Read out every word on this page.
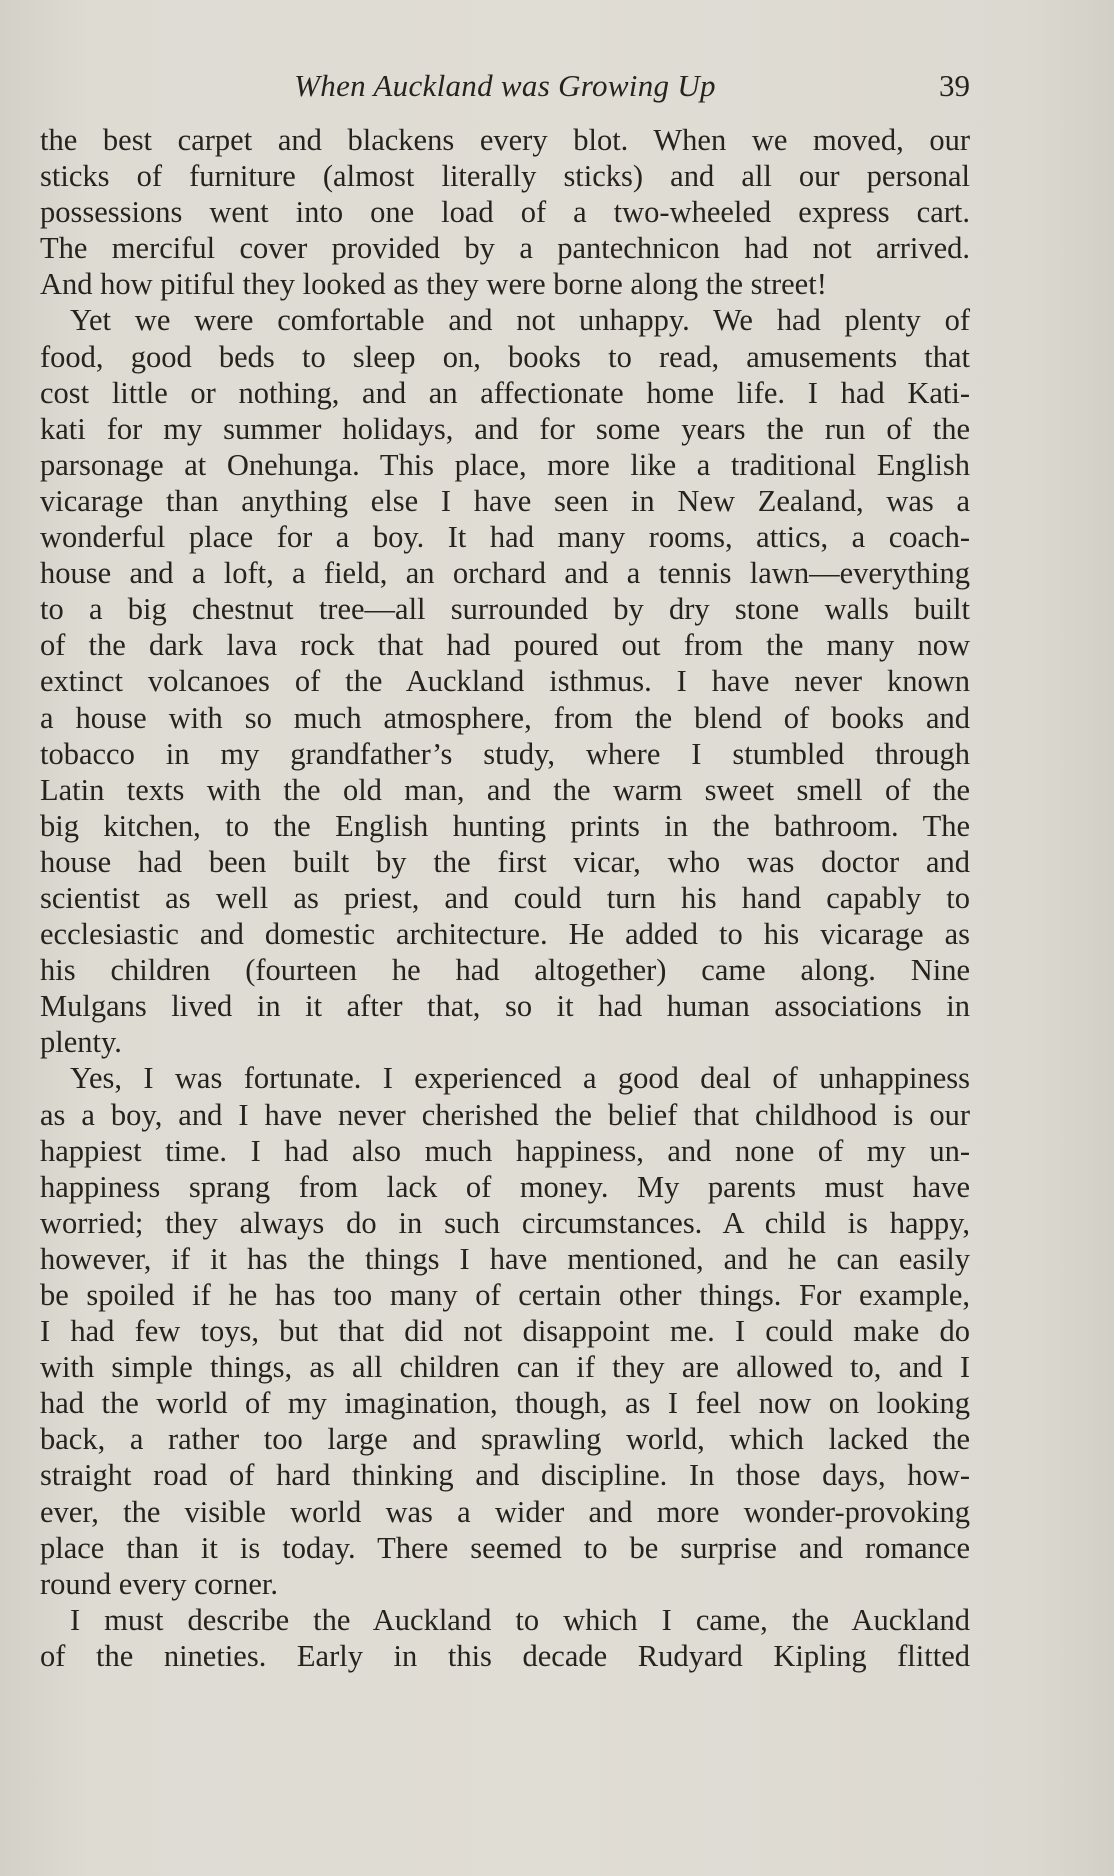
When Auckland was Growing Up	39
the best carpet and blackens every blot. When we moved, our
sticks of furniture (almost literally sticks) and all our personal
possessions went into one load of a two-wheeled express cart.
The merciful cover provided by a pantechnicon had not arrived.
And how pitiful they looked as they were borne along the street!
Yet we were comfortable and not unhappy. We had plenty of
food, good beds to sleep on, books to read, amusements that
cost little or nothing, and an affectionate home life. I had Kati-
kati for my summer holidays, and for some years the run of the
parsonage at Onehunga. This place, more like a traditional English
vicarage than anything else I have seen in New Zealand, was a
wonderful place for a boy. It had many rooms, attics, a coach-
house and a loft, a field, an orchard and a tennis lawn—everything
to a big chestnut tree—all surrounded by dry stone walls built
of the dark lava rock that had poured out from the many now
extinct volcanoes of the Auckland isthmus. I have never known
a house with so much atmosphere, from the blend of books and
tobacco in my grandfather’s study, where I stumbled through
Latin texts with the old man, and the warm sweet smell of the
big kitchen, to the English hunting prints in the bathroom. The
house had been built by the first vicar, who was doctor and
scientist as well as priest, and could turn his hand capably to
ecclesiastic and domestic architecture. He added to his vicarage as
his children (fourteen he had altogether) came along. Nine
Mulgans lived in it after that, so it had human associations in
plenty.
Yes, I was fortunate. I experienced a good deal of unhappiness
as a boy, and I have never cherished the belief that childhood is our
happiest time. I had also much happiness, and none of my un-
happiness sprang from lack of money. My parents must have
worried; they always do in such circumstances. A child is happy,
however, if it has the things I have mentioned, and he can easily
be spoiled if he has too many of certain other things. For example,
I had few toys, but that did not disappoint me. I could make do
with simple things, as all children can if they are allowed to, and I
had the world of my imagination, though, as I feel now on looking
back, a rather too large and sprawling world, which lacked the
straight road of hard thinking and discipline. In those days, how-
ever, the visible world was a wider and more wonder-provoking
place than it is today. There seemed to be surprise and romance
round every corner.
I must describe the Auckland to which I came, the Auckland
of the nineties. Early in this decade Rudyard Kipling flitted
